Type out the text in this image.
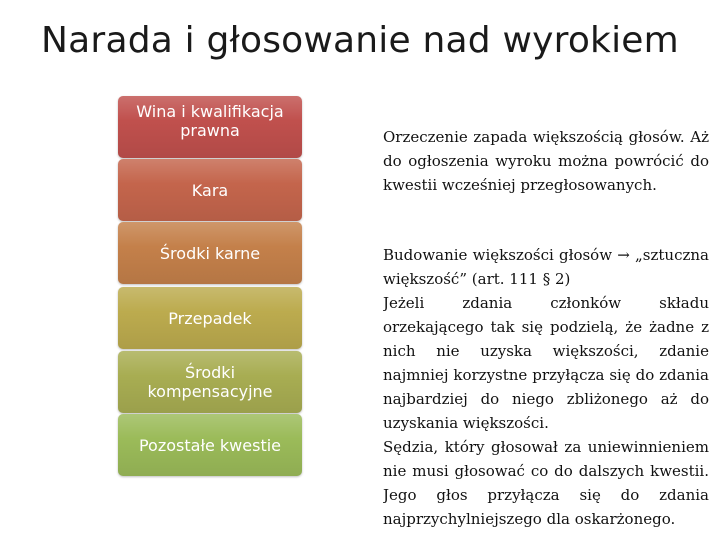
Narada i głosowanie nad wyrokiem
Wina i kwalifikacja prawna
Kara
Środki karne
Przepadek
Środki kompensacyjne
Pozostałe kwestie
Orzeczenie zapada większością głosów. Aż do ogłoszenia wyroku można powrócić do kwestii wcześniej przegłosowanych.
Budowanie większości głosów → „sztuczna większość” (art. 111 § 2)
Jeżeli zdania członków składu orzekającego tak się podzielą, że żadne z nich nie uzyska większości, zdanie najmniej korzystne przyłącza się do zdania najbardziej do niego zbliżonego aż do uzyskania większości.
Sędzia, który głosował za uniewinnieniem nie musi głosować co do dalszych kwestii. Jego głos przyłącza się do zdania najprzychylniejszego dla oskarżonego.
